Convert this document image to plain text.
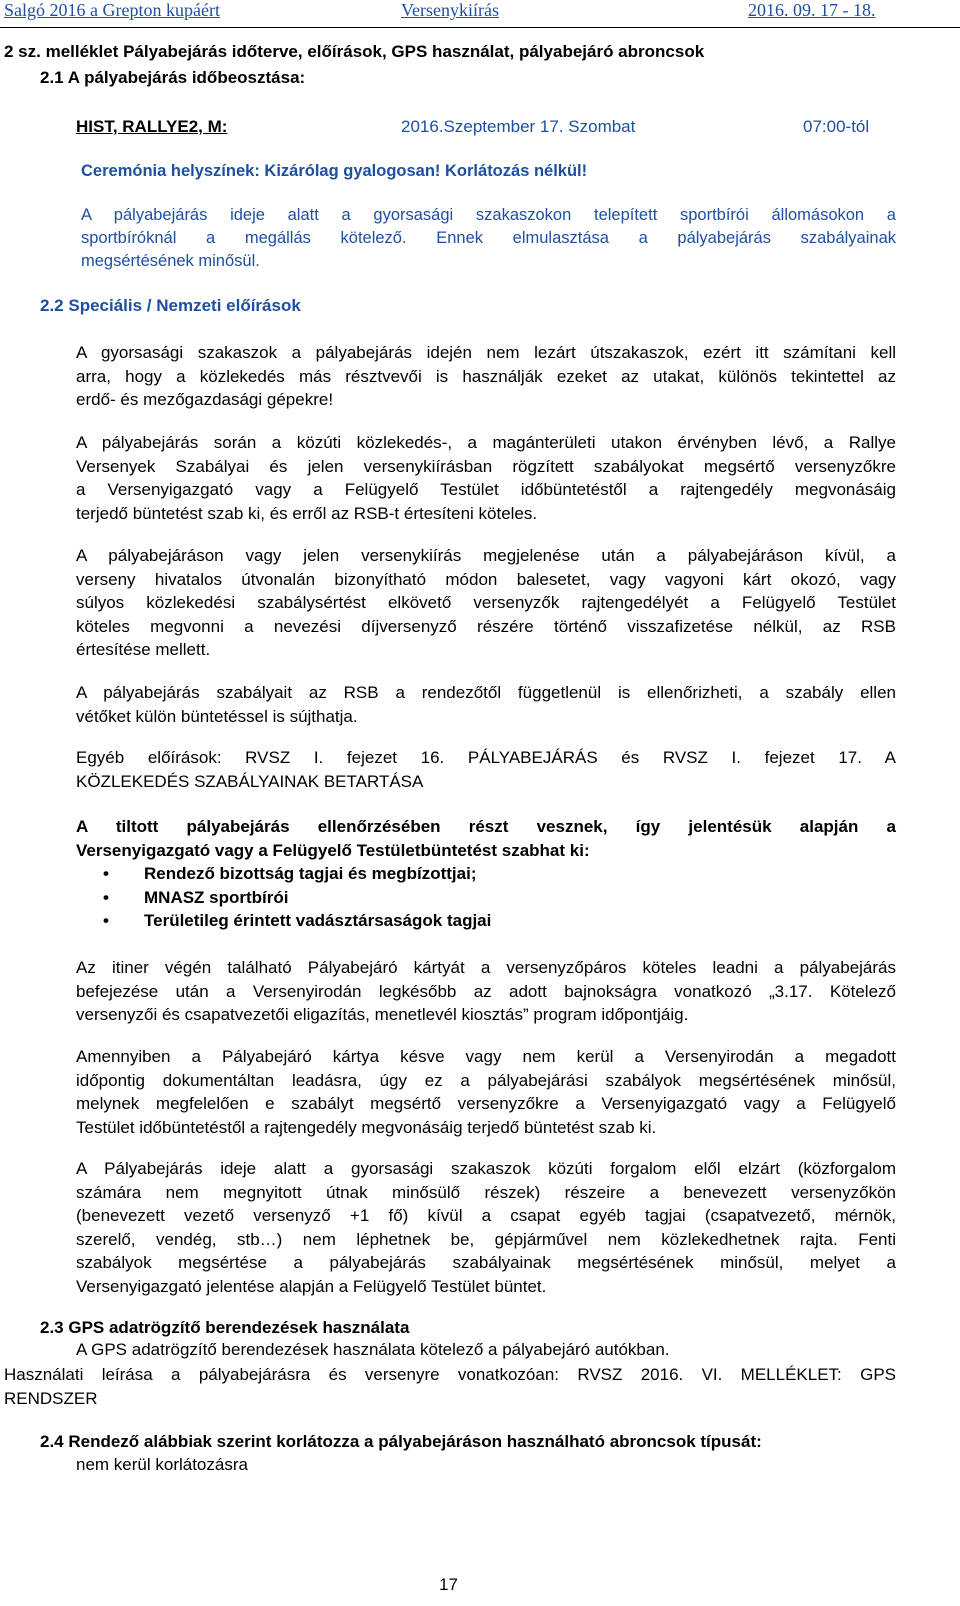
Salgó 2016 a Grepton kupáért	Versenykiírás	2016. 09. 17 - 18.
2 sz. melléklet Pályabejárás időterve, előírások, GPS használat, pályabejáró abroncsok
2.1 A pályabejárás időbeosztása:
HIST, RALLYE2, M:	2016.Szeptember 17. Szombat	07:00-tól
Ceremónia helyszínek: Kizárólag gyalogosan! Korlátozás nélkül!
A pályabejárás ideje alatt a gyorsasági szakaszokon telepített sportbírói állomásokon a
sportbíróknál a megállás kötelező. Ennek elmulasztása a pályabejárás szabályainak
megsértésének minősül.
2.2 Speciális / Nemzeti előírások
A gyorsasági szakaszok a pályabejárás idején nem lezárt útszakaszok, ezért itt számítani kell
arra, hogy a közlekedés más résztvevői is használják ezeket az utakat, különös tekintettel az
erdő- és mezőgazdasági gépekre!
A pályabejárás során a közúti közlekedés-, a magánterületi utakon érvényben lévő, a Rallye
Versenyek Szabályai és jelen versenykiírásban rögzített szabályokat megsértő versenyzőkre
a Versenyigazgató vagy a Felügyelő Testület időbüntetéstől a rajtengedély megvonásáig
terjedő büntetést szab ki, és erről az RSB-t értesíteni köteles.
A pályabejáráson vagy jelen versenykiírás megjelenése után a pályabejáráson kívül, a
verseny hivatalos útvonalán bizonyítható módon balesetet, vagy vagyoni kárt okozó, vagy
súlyos közlekedési szabálysértést elkövető versenyzők rajtengedélyét a Felügyelő Testület
köteles megvonni a nevezési díjversenyző részére történő visszafizetése nélkül, az RSB
értesítése mellett.
A pályabejárás szabályait az RSB a rendezőtől függetlenül is ellenőrizheti, a szabály ellen
vétőket külön büntetéssel is sújthatja.
Egyéb előírások: RVSZ I. fejezet 16. PÁLYABEJÁRÁS és RVSZ I. fejezet 17. A
KÖZLEKEDÉS SZABÁLYAINAK BETARTÁSA
A tiltott pályabejárás ellenőrzésében részt vesznek, így jelentésük alapján a
Versenyigazgató vagy a Felügyelő Testületbüntetést szabhat ki:
• Rendező bizottság tagjai és megbízottjai;
• MNASZ sportbírói
• Területileg érintett vadásztársaságok tagjai
Az itiner végén található Pályabejáró kártyát a versenyzőpáros köteles leadni a pályabejárás
befejezése után a Versenyirodán legkésőbb az adott bajnokságra vonatkozó „3.17. Kötelező
versenyzői és csapatvezetői eligazítás, menetlevél kiosztás” program időpontjáig.
Amennyiben a Pályabejáró kártya késve vagy nem kerül a Versenyirodán a megadott
időpontig dokumentáltan leadásra, úgy ez a pályabejárási szabályok megsértésének minősül,
melynek megfelelően e szabályt megsértő versenyzőkre a Versenyigazgató vagy a Felügyelő
Testület időbüntetéstől a rajtengedély megvonásáig terjedő büntetést szab ki.
A Pályabejárás ideje alatt a gyorsasági szakaszok közúti forgalom elől elzárt (közforgalom
számára nem megnyitott útnak minősülő részek) részeire a benevezett versenyzőkön
(benevezett vezető versenyző +1 fő) kívül a csapat egyéb tagjai (csapatvezető, mérnök,
szerelő, vendég, stb…) nem léphetnek be, gépjárművel nem közlekedhetnek rajta. Fenti
szabályok megsértése a pályabejárás szabályainak megsértésének minősül, melyet a
Versenyigazgató jelentése alapján a Felügyelő Testület büntet.
2.3 GPS adatrögzítő berendezések használata
A GPS adatrögzítő berendezések használata kötelező a pályabejáró autókban.
Használati leírása a pályabejárásra és versenyre vonatkozóan: RVSZ 2016. VI. MELLÉKLET: GPS
RENDSZER
2.4 Rendező alábbiak szerint korlátozza a pályabejáráson használható abroncsok típusát:
nem kerül korlátozásra
17
